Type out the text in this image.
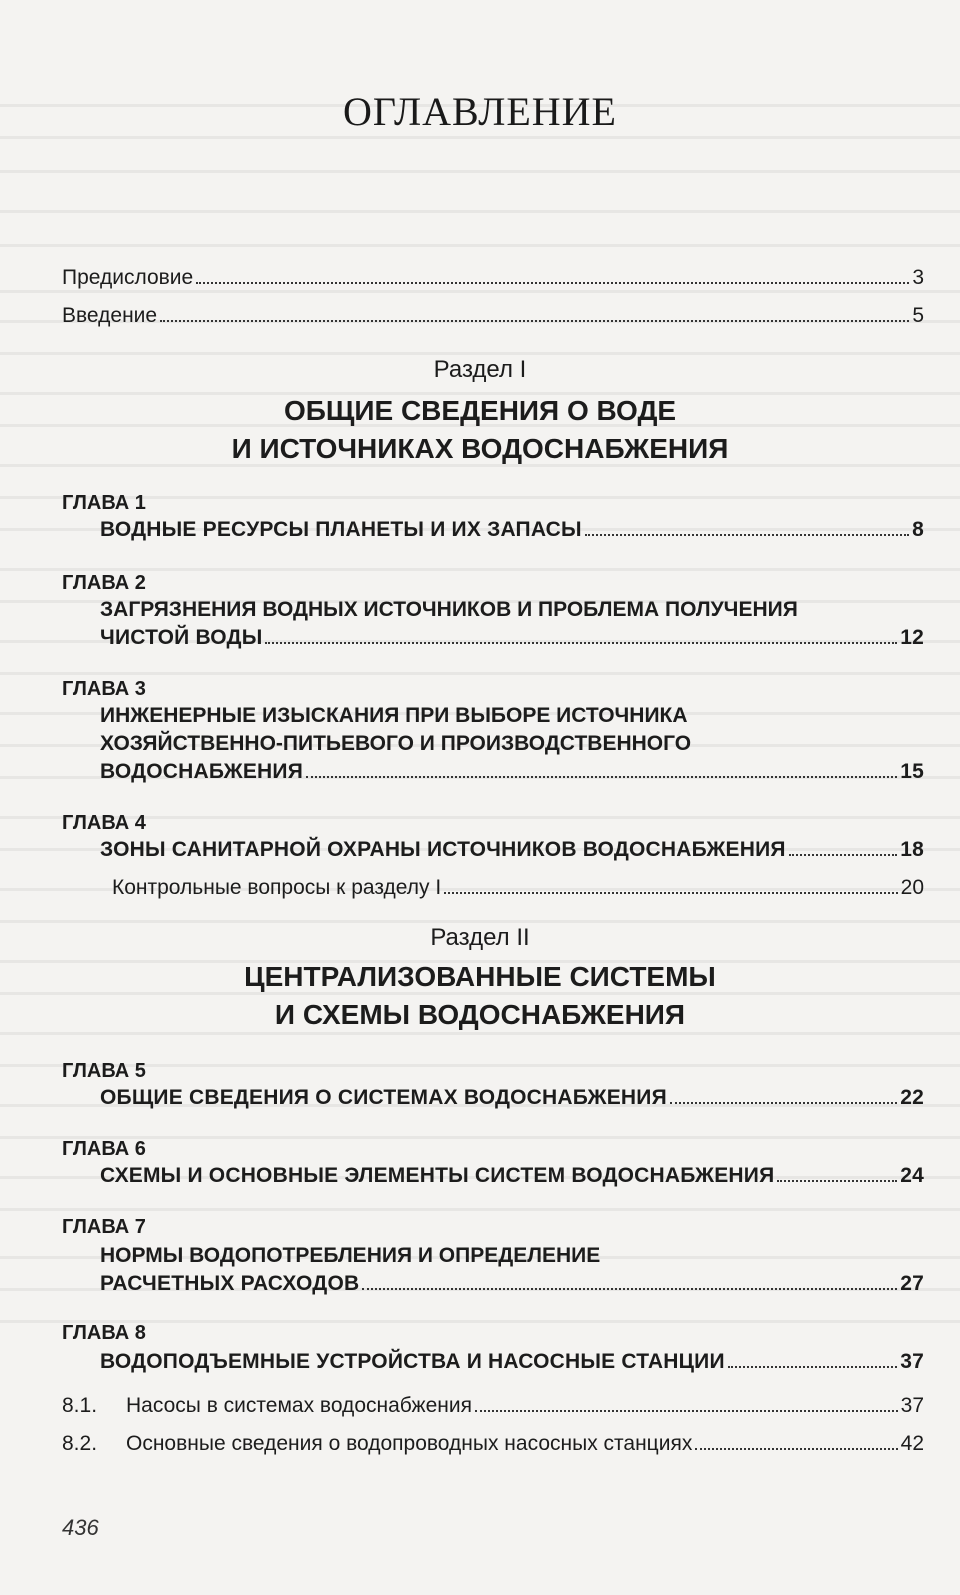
ОГЛАВЛЕНИЕ
Предисловие	3
Введение	5
Раздел I
ОБЩИЕ СВЕДЕНИЯ О ВОДЕ
И ИСТОЧНИКАХ ВОДОСНАБЖЕНИЯ
ГЛАВА 1
ВОДНЫЕ РЕСУРСЫ ПЛАНЕТЫ И ИХ ЗАПАСЫ	8
ГЛАВА 2
ЗАГРЯЗНЕНИЯ ВОДНЫХ ИСТОЧНИКОВ И ПРОБЛЕМА ПОЛУЧЕНИЯ
ЧИСТОЙ ВОДЫ	12
ГЛАВА 3
ИНЖЕНЕРНЫЕ ИЗЫСКАНИЯ ПРИ ВЫБОРЕ ИСТОЧНИКА
ХОЗЯЙСТВЕННО-ПИТЬЕВОГО И ПРОИЗВОДСТВЕННОГО
ВОДОСНАБЖЕНИЯ	15
ГЛАВА 4
ЗОНЫ САНИТАРНОЙ ОХРАНЫ ИСТОЧНИКОВ ВОДОСНАБЖЕНИЯ	18
Контрольные вопросы к разделу I	20
Раздел II
ЦЕНТРАЛИЗОВАННЫЕ СИСТЕМЫ
И СХЕМЫ ВОДОСНАБЖЕНИЯ
ГЛАВА 5
ОБЩИЕ СВЕДЕНИЯ О СИСТЕМАХ ВОДОСНАБЖЕНИЯ	22
ГЛАВА 6
СХЕМЫ И ОСНОВНЫЕ ЭЛЕМЕНТЫ СИСТЕМ ВОДОСНАБЖЕНИЯ	24
ГЛАВА 7
НОРМЫ ВОДОПОТРЕБЛЕНИЯ И ОПРЕДЕЛЕНИЕ
РАСЧЕТНЫХ РАСХОДОВ	27
ГЛАВА 8
ВОДОПОДЪЕМНЫЕ УСТРОЙСТВА И НАСОСНЫЕ СТАНЦИИ	37
8.1.	Насосы в системах водоснабжения	37
8.2.	Основные сведения о водопроводных насосных станциях	42
436
